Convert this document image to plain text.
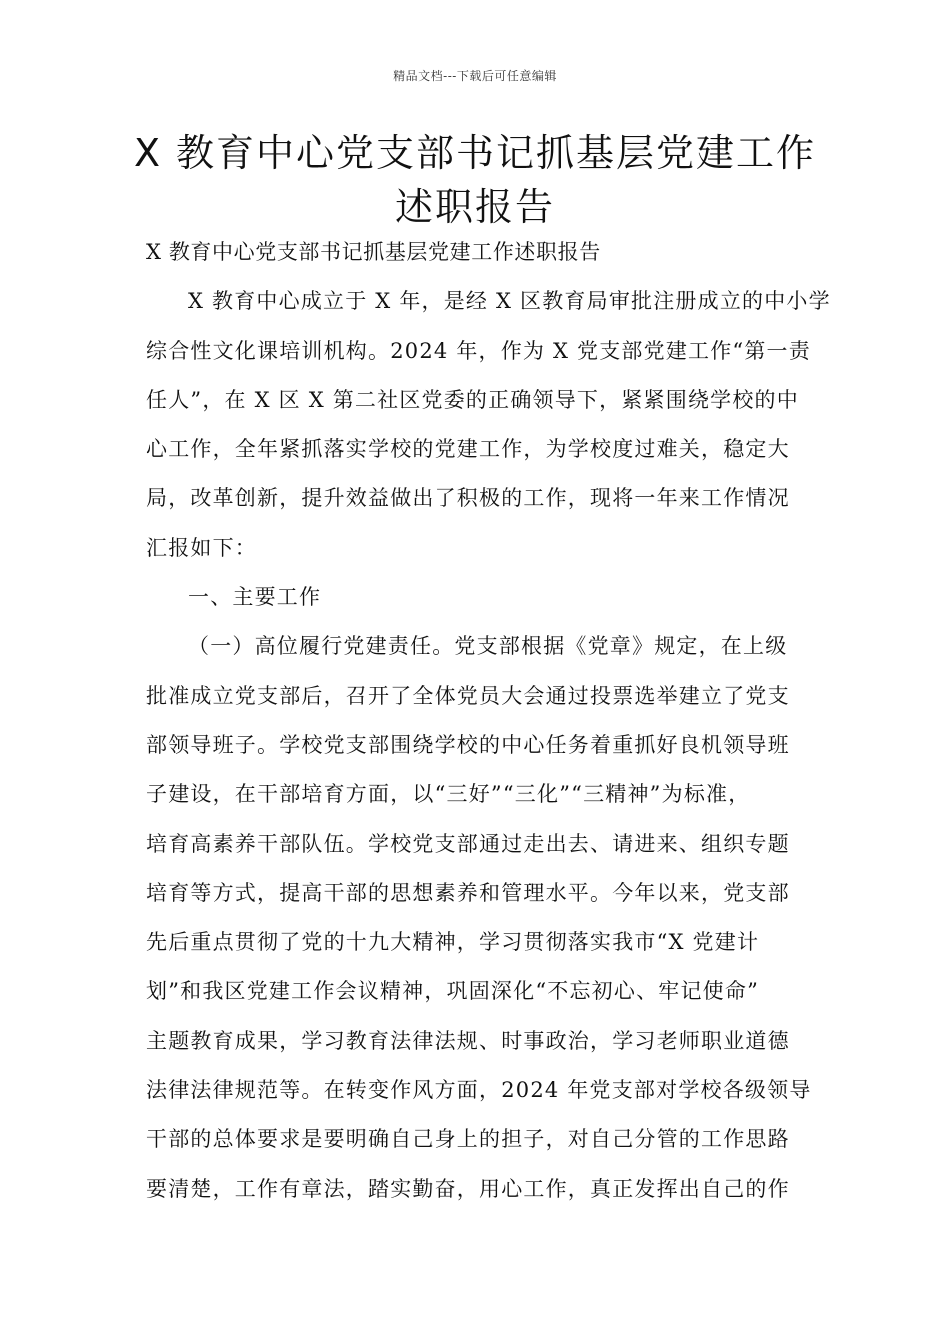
精品文档---下载后可任意编辑
X 教育中心党支部书记抓基层党建工作
述职报告
X 教育中心党支部书记抓基层党建工作述职报告
X 教育中心成立于 X 年，是经 X 区教育局审批注册成立的中小学
综合性文化课培训机构。2024 年，作为 X 党支部党建工作“第一责
任人”，在 X 区 X 第二社区党委的正确领导下，紧紧围绕学校的中
心工作，全年紧抓落实学校的党建工作，为学校度过难关，稳定大
局，改革创新，提升效益做出了积极的工作，现将一年来工作情况
汇报如下：
一、主要工作
（一）高位履行党建责任。党支部根据《党章》规定，在上级
批准成立党支部后，召开了全体党员大会通过投票选举建立了党支
部领导班子。学校党支部围绕学校的中心任务着重抓好良机领导班
子建设，在干部培育方面，以“三好”“三化”“三精神”为标准，
培育高素养干部队伍。学校党支部通过走出去、请进来、组织专题
培育等方式，提高干部的思想素养和管理水平。今年以来，党支部
先后重点贯彻了党的十九大精神，学习贯彻落实我市“X 党建计
划”和我区党建工作会议精神，巩固深化“不忘初心、牢记使命”
主题教育成果，学习教育法律法规、时事政治，学习老师职业道德
法律法律规范等。在转变作风方面，2024 年党支部对学校各级领导
干部的总体要求是要明确自己身上的担子，对自己分管的工作思路
要清楚，工作有章法，踏实勤奋，用心工作，真正发挥出自己的作
